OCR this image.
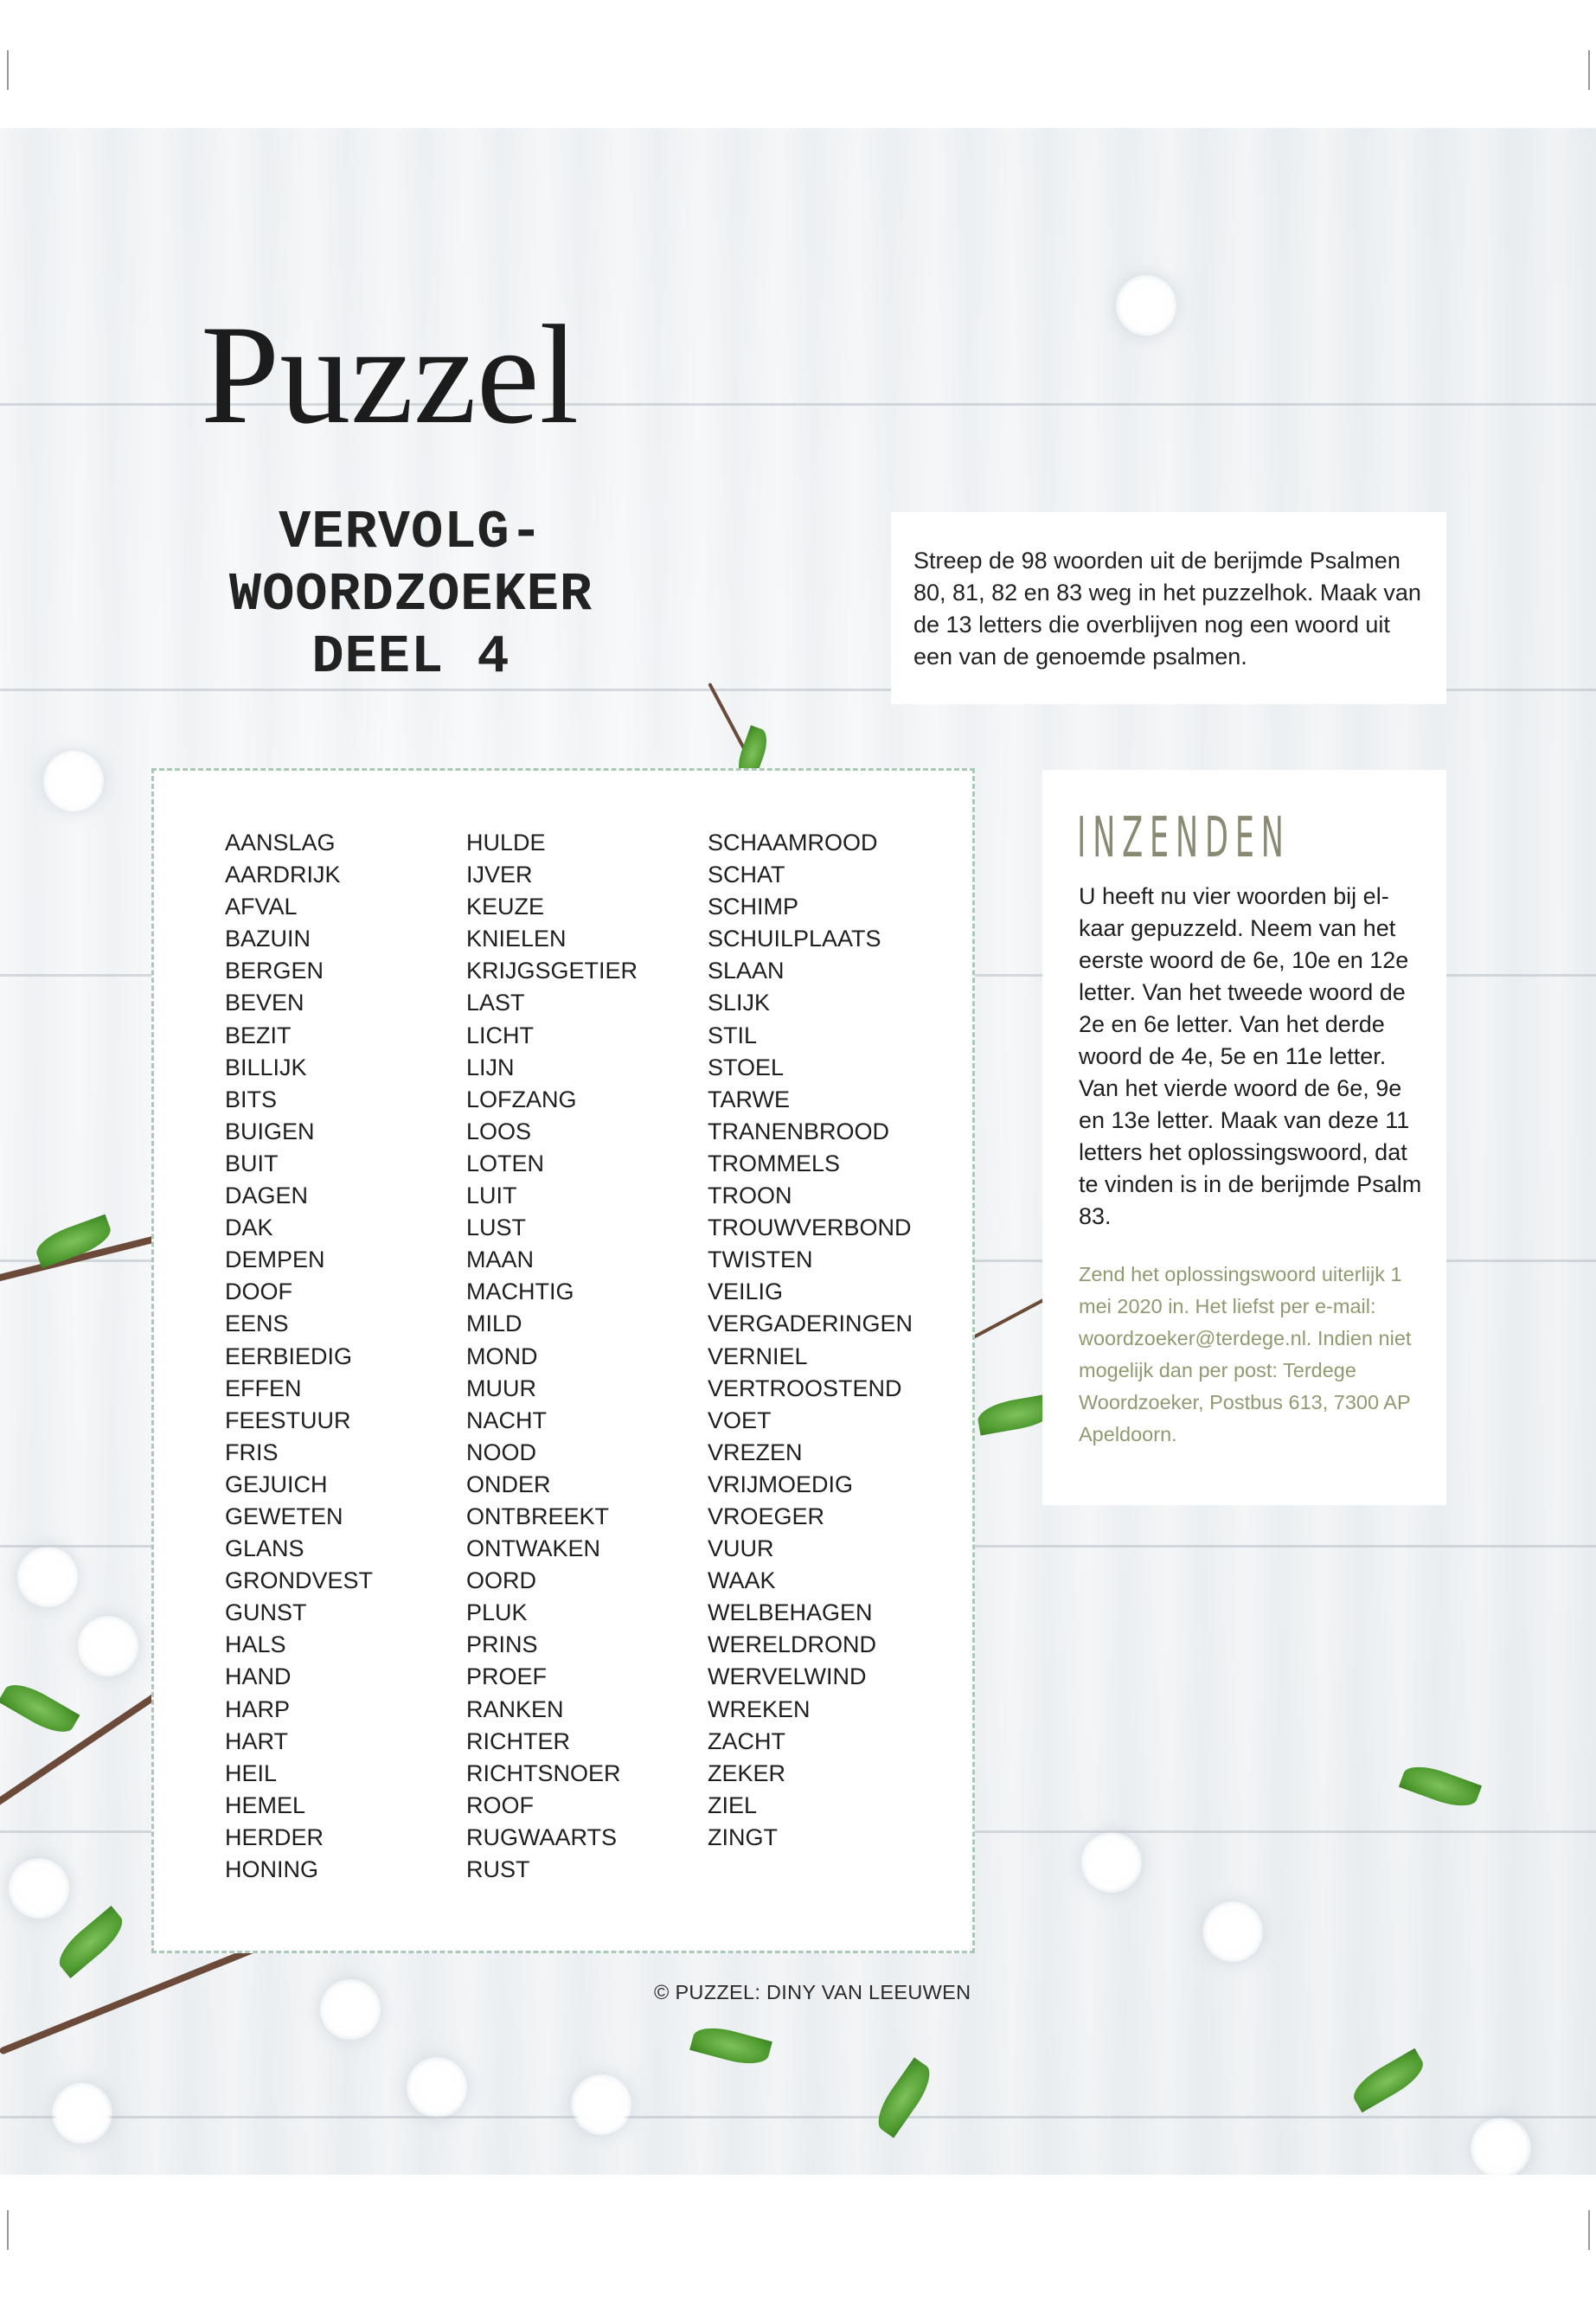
Puzzel
VERVOLG-
WOORDZOEKER
DEEL 4

Streep de 98 woorden uit de berijmde Psalmen 80, 81, 82 en 83 weg in het puzzelhok. Maak van de 13 letters die overblijven nog een woord uit een van de genoemde psalmen.

AANSLAG
AARDRIJK
AFVAL
BAZUIN
BERGEN
BEVEN
BEZIT
BILLIJK
BITS
BUIGEN
BUIT
DAGEN
DAK
DEMPEN
DOOF
EENS
EERBIEDIG
EFFEN
FEESTUUR
FRIS
GEJUICH
GEWETEN
GLANS
GRONDVEST
GUNST
HALS
HAND
HARP
HART
HEIL
HEMEL
HERDER
HONING
HULDE
IJVER
KEUZE
KNIELEN
KRIJGSGETIER
LAST
LICHT
LIJN
LOFZANG
LOOS
LOTEN
LUIT
LUST
MAAN
MACHTIG
MILD
MOND
MUUR
NACHT
NOOD
ONDER
ONTBREEKT
ONTWAKEN
OORD
PLUK
PRINS
PROEF
RANKEN
RICHTER
RICHTSNOER
ROOF
RUGWAARTS
RUST
SCHAAMROOD
SCHAT
SCHIMP
SCHUILPLAATS
SLAAN
SLIJK
STIL
STOEL
TARWE
TRANENBROOD
TROMMELS
TROON
TROUWVERBOND
TWISTEN
VEILIG
VERGADERINGEN
VERNIEL
VERTROOSTEND
VOET
VREZEN
VRIJMOEDIG
VROEGER
VUUR
WAAK
WELBEHAGEN
WERELDROND
WERVELWIND
WREKEN
ZACHT
ZEKER
ZIEL
ZINGT
INZENDEN

U heeft nu vier woorden bij el-kaar gepuzzeld. Neem van het eerste woord de 6e, 10e en 12e letter. Van het tweede woord de 2e en 6e letter. Van het derde woord de 4e, 5e en 11e letter. Van het vierde woord de 6e, 9e en 13e letter. Maak van deze 11 letters het oplossingswoord, dat te vinden is in de berijmde Psalm 83.

Zend het oplossingswoord uiterlijk 1 mei 2020 in. Het liefst per e-mail: woordzoeker@terdege.nl. Indien niet mogelijk dan per post: Terdege Woordzoeker, Postbus 613, 7300 AP Apeldoorn.

© PUZZEL: DINY VAN LEEUWEN
